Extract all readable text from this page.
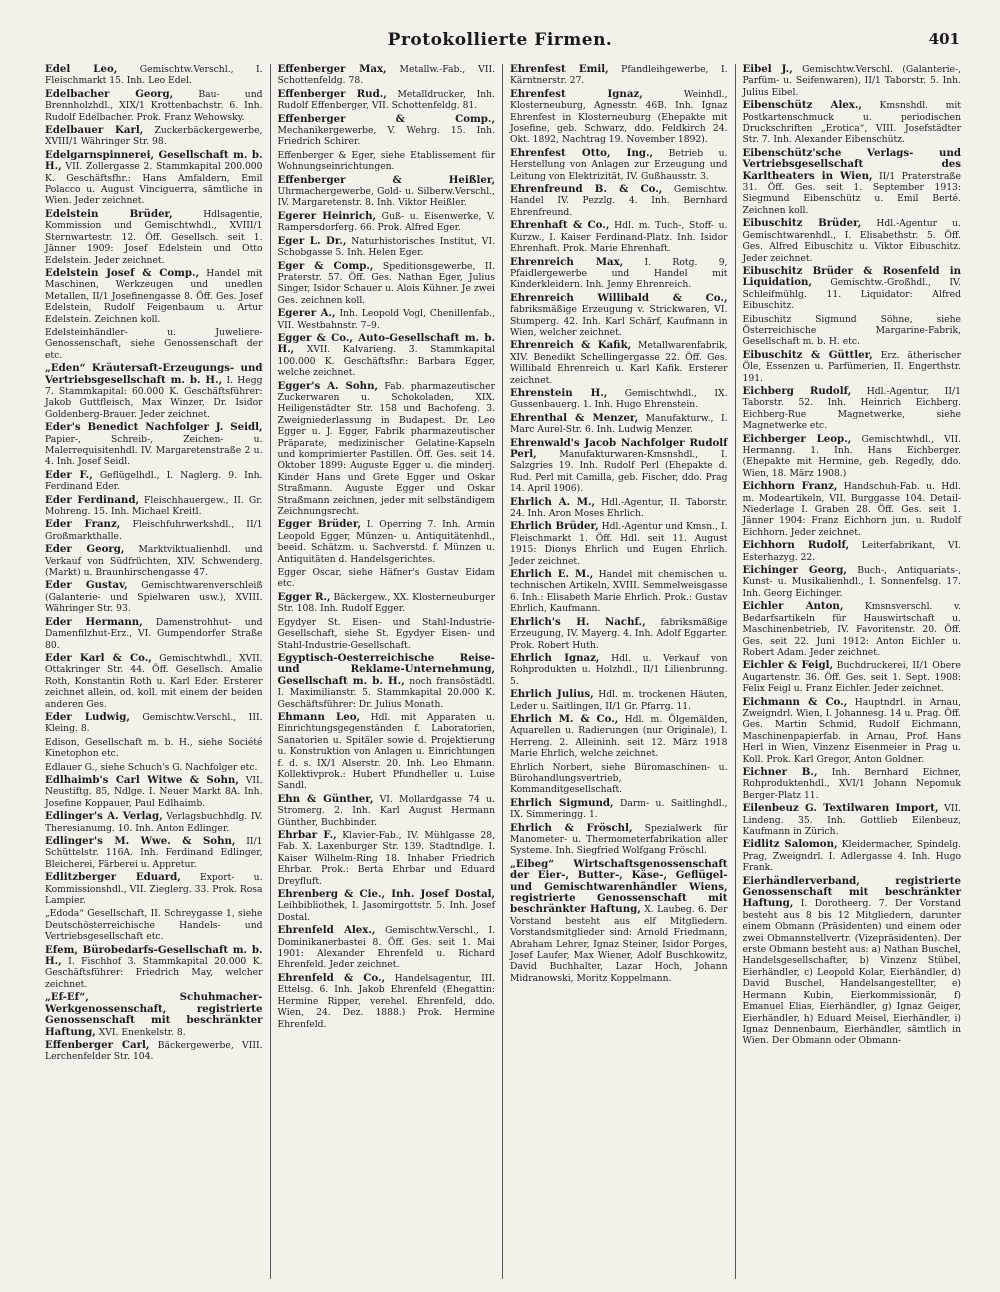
Protokollierte Firmen.	401

Edel Leo, Gemischtw.Verschl., I. Fleischmarkt 15. Inh. Leo Edel.

Edelbacher Georg, Bau- und Brennholzhdl., XIX/1 Krottenbachstr. 6. Inh. Rudolf Edelbacher. Prok. Franz Wehowsky.

Edelbauer Karl, Zuckerbäckergewerbe, XVIII/1 Währinger Str. 98.

Edelgarnspinnerei, Gesellschaft m. b. H., VII. Zollergasse 2. Stammkapital 200.000 K. Geschäftsfhr.: Hans Amfaldern, Emil Polacco u. August Vinciguerra, sämtliche in Wien. Jeder zeichnet.

Edelstein Brüder, Hdlsagentie, Kommission und Gemischtwhdl., XVIII/1 Sternwartestr. 12. Öff. Gesellsch. seit 1. Jänner 1909: Josef Edelstein und Otto Edelstein. Jeder zeichnet.

Edelstein Josef & Comp., Handel mit Maschinen, Werkzeugen und unedlen Metallen, II/1 Josefinengasse 8. Öff. Ges. Josef Edelstein, Rudolf Feigenbaum u. Artur Edelstein. Zeichnen koll.

Edelsteinhändler- u. Juweliere-Genossenschaft, siehe Genossenschaft der etc.

„Eden“ Kräutersaft-Erzeugungs- und Vertriebsgesellschaft m. b. H., I. Hegg 7. Stammkapital: 60.000 K. Geschäftsführer: Jakob Guttfleisch, Max Winzer, Dr. Isidor Goldenberg-Brauer. Jeder zeichnet.

Eder's Benedict Nachfolger J. Seidl, Papier-, Schreib-, Zeichen- u. Malerrequisitenhdl. IV. Margaretenstraße 2 u. 4. Inh. Josef Seidl.

Eder F., Geflügelhdl., I. Naglerg. 9. Inh. Ferdinand Eder.

Eder Ferdinand, Fleischhauergew., II. Gr. Mohreng. 15. Inh. Michael Kreitl.

Eder Franz, Fleischfuhrwerkshdl., II/1 Großmarkthalle.

Eder Georg, Marktviktualienhdl. und Verkauf von Südfrüchten, XIV. Schwenderg. (Markt) u. Braunhirschengasse 47.

Eder Gustav, Gemischtwarenverschleiß (Galanterie- und Spielwaren usw.), XVIII. Währinger Str. 93.

Eder Hermann, Damenstrohhut- und Damenfilzhut-Erz., VI. Gumpendorfer Straße 80.

Eder Karl & Co., Gemischtwhdl., XVII. Ottakringer Str. 44. Öff. Gesellsch. Amalie Roth, Konstantin Roth u. Karl Eder. Ersterer zeichnet allein, od. koll. mit einem der beiden anderen Ges.

Eder Ludwig, Gemischtw.Verschl., III. Kleing. 8.

Edison, Gesellschaft m. b. H., siehe Société Kinetophon etc.

Edlauer G., siehe Schuch's G. Nachfolger etc.

Edlhaimb's Carl Witwe & Sohn, VII. Neustiftg. 85, Ndlge. I. Neuer Markt 8A. Inh. Josefine Koppauer, Paul Edlhaimb.

Edlinger's A. Verlag, Verlagsbuchhdlg. IV. Theresianumg. 10. Inh. Anton Edlinger.

Edlinger's M. Wwe. & Sohn, II/1 Schüttelstr. 116A. Inh. Ferdinand Edlinger, Bleicherei, Färberei u. Appretur.

Edlitzberger Eduard, Export- u. Kommissionshdl., VII. Zieglerg. 33. Prok. Rosa Lampier.

„Edoda“ Gesellschaft, II. Schreygasse 1, siehe Deutschösterreichische Handels- und Vertriebsgesellschaft etc.

Efem, Bürobedarfs-Gesellschaft m. b. H., I. Fischhof 3. Stammkapital 20.000 K. Geschäftsführer: Friedrich May, welcher zeichnet.

„Ef-Ef“, Schuhmacher-Werkgenossenschaft, registrierte Genossenschaft mit beschränkter Haftung, XVI. Enenkelstr. 8.

Effenberger Carl, Bäckergewerbe, VIII. Lerchenfelder Str. 104.

Effenberger Max, Metallw.-Fab., VII. Schottenfeldg. 78.

Effenberger Rud., Metalldrucker, Inh. Rudolf Effenberger, VII. Schottenfeldg. 81.

Effenberger & Comp., Mechanikergewerbe, V. Wehrg. 15. Inh. Friedrich Schirer.

Effenberger & Eger, siehe Etablissement für Wohnungseinrichtungen.

Effenberger & Heißler, Uhrmachergewerbe, Gold- u. Silberw.Verschl., IV. Margaretenstr. 8. Inh. Viktor Heißler.

Egerer Heinrich, Guß- u. Eisenwerke, V. Rampersdorferg. 66. Prok. Alfred Eger.

Eger L. Dr., Naturhistorisches Institut, VI. Schobgasse 5. Inh. Helen Eger.

Eger & Comp., Speditionsgewerbe, II. Praterstr. 57. Öff. Ges. Nathan Eger, Julius Singer, Isidor Schauer u. Alois Kühner. Je zwei Ges. zeichnen koll.

Egerer A., Inh. Leopold Vogl, Chenillenfab., VII. Westbahnstr. 7–9.

Egger & Co., Auto-Gesellschaft m. b. H., XVII. Kalvarieng. 3. Stammkapital 100.000 K. Geschäftsfhr.: Barbara Egger, welche zeichnet.

Egger's A. Sohn, Fab. pharmazeutischer Zuckerwaren u. Schokoladen, XIX. Heiligenstädter Str. 158 und Bachofeng. 3. Zweigniederlassung in Budapest. Dr. Leo Egger u. J. Egger, Fabrik pharmazeutischer Präparate, medizinischer Gelatine-Kapseln und komprimierter Pastillen. Öff. Ges. seit 14. Oktober 1899: Auguste Egger u. die minderj. Kinder Hans und Grete Egger und Oskar Straßmann. Auguste Egger und Oskar Straßmann zeichnen, jeder mit selbständigem Zeichnungsrecht.

Egger Brüder, I. Operring 7. Inh. Armin Leopold Egger, Münzen- u. Antiquitätenhdl., beeid. Schätzm. u. Sachverstd. f. Münzen u. Antiquitäten d. Handelsgerichtes.

Egger Oscar, siehe Häfner's Gustav Eidam etc.

Egger R., Bäckergew., XX. Klosterneuburger Str. 108. Inh. Rudolf Egger.

Egydyer St. Eisen- und Stahl-Industrie-Gesellschaft, siehe St. Egydyer Eisen- und Stahl-Industrie-Gesellschaft.

Egyptisch-Oesterreichische Reise- und Reklame-Unternehmung, Gesellschaft m. b. H., noch fransöstädtl. I. Maximilianstr. 5. Stammkapital 20.000 K. Geschäftsführer: Dr. Julius Monath.

Ehmann Leo, Hdl. mit Apparaten u. Einrichtungsgegenständen f. Laboratorien, Sanatorien u. Spitäler sowie d. Projektierung u. Konstruktion von Anlagen u. Einrichtungen f. d. s. IX/1 Alserstr. 20. Inh. Leo Ehmann. Kollektivprok.: Hubert Pfundheller u. Luise Sandl.

Ehn & Günther, VI. Mollardgasse 74 u. Stromerg. 2. Inh. Karl August Hermann Günther, Buchbinder.

Ehrbar F., Klavier-Fab., IV. Mühlgasse 28, Fab. X. Laxenburger Str. 139. Stadtndlge. I. Kaiser Wilhelm-Ring 18. Inhaber Friedrich Ehrbar. Prok.: Berta Ehrbar und Eduard Dreyfluft.

Ehrenberg & Cie., Inh. Josef Dostal, Leihbibliothek, I. Jasomirgottstr. 5. Inh. Josef Dostal.

Ehrenfeld Alex., Gemischtw.Verschl., I. Dominikanerbastei 8. Öff. Ges. seit 1. Mai 1901: Alexander Ehrenfeld u. Richard Ehrenfeld. Jeder zeichnet.

Ehrenfeld & Co., Handelsagentur, III. Ettelsg. 6. Inh. Jakob Ehrenfeld (Ehegattin: Hermine Ripper, verehel. Ehrenfeld, ddo. Wien, 24. Dez. 1888.) Prok. Hermine Ehrenfeld.

Ehrenfest Emil, Pfandleihgewerbe, I. Kärntnerstr. 27.

Ehrenfest Ignaz, Weinhdl., Klosterneuburg, Agnesstr. 46B. Inh. Ignaz Ehrenfest in Klosterneuburg (Ehepakte mit Josefine, geb. Schwarz, ddo. Feldkirch 24. Okt. 1892, Nachtrag 19. November 1892).

Ehrenfest Otto, Ing., Betrieb u. Herstellung von Anlagen zur Erzeugung und Leitung von Elektrizität, IV. Gußhausstr. 3.

Ehrenfreund B. & Co., Gemischtw. Handel IV. Pezzlg. 4. Inh. Bernhard Ehrenfreund.

Ehrenhaft & Co., Hdl. m. Tuch-, Stoff- u. Kurzw., I. Kaiser Ferdinand-Platz. Inh. Isidor Ehrenhaft. Prok. Marie Ehrenhaft.

Ehrenreich Max, I. Rotg. 9, Pfaidlergewerbe und Handel mit Kinderkleidern. Inh. Jenny Ehrenreich.

Ehrenreich Willibald & Co., fabriksmäßige Erzeugung v. Strickwaren, VI. Stumperg. 42. Inh. Karl Schärf, Kaufmann in Wien, welcher zeichnet.

Ehrenreich & Kafik, Metallwarenfabrik, XIV. Benedikt Schellingergasse 22. Öff. Ges. Willibald Ehrenreich u. Karl Kafik. Ersterer zeichnet.

Ehrenstein H., Gemischtwhdl., IX. Gussenbauerg. 1. Inh. Hugo Ehrenstein.

Ehrenthal & Menzer, Manufakturw., I. Marc Aurel-Str. 6. Inh. Ludwig Menzer.

Ehrenwald's Jacob Nachfolger Rudolf Perl, Manufakturwaren-Kmsnshdl., I. Salzgries 19. Inh. Rudolf Perl (Ehepakte d. Rud. Perl mit Camilla, geb. Fischer, ddo. Prag 14. April 1906).

Ehrlich A. M., Hdl.-Agentur, II. Taborstr. 24. Inh. Aron Moses Ehrlich.

Ehrlich Brüder, Hdl.-Agentur und Kmsn., I. Fleischmarkt 1. Öff. Hdl. seit 11. August 1915: Dionys Ehrlich und Eugen Ehrlich. Jeder zeichnet.

Ehrlich E. M., Handel mit chemischen u. technischen Artikeln, XVIII. Semmelweisgasse 6. Inh.: Elisabeth Marie Ehrlich. Prok.: Gustav Ehrlich, Kaufmann.

Ehrlich's H. Nachf., fabriksmäßige Erzeugung, IV. Mayerg. 4. Inh. Adolf Eggarter. Prok. Robert Huth.

Ehrlich Ignaz, Hdl. u. Verkauf von Rohprodukten u. Holzhdl., II/1 Lilienbrunng. 5.

Ehrlich Julius, Hdl. m. trockenen Häuten, Leder u. Saitlingen, II/1 Gr. Pfarrg. 11.

Ehrlich M. & Co., Hdl. m. Ölgemälden, Aquarellen u. Radierungen (nur Originale), I. Herreng. 2. Alleininh. seit 12. März 1918 Marie Ehrlich, welche zeichnet.

Ehrlich Norbert, siehe Büromaschinen- u. Bürohandlungsvertrieb, Kommanditgesellschaft.

Ehrlich Sigmund, Darm- u. Saitlinghdl., IX. Simmeringg. 1.

Ehrlich & Fröschl, Spezialwerk für Manometer- u. Thermometerfabrikation aller Systeme. Inh. Siegfried Wolfgang Fröschl.

„Eibeg“ Wirtschaftsgenossenschaft der Eier-, Butter-, Käse-, Geflügel- und Gemischtwarenhändler Wiens, registrierte Genossenschaft mit beschränkter Haftung, X. Laubeg. 6. Der Vorstand besteht aus elf Mitgliedern. Vorstandsmitglieder sind: Arnold Friedmann, Abraham Lehrer, Ignaz Steiner, Isidor Porges, Josef Laufer, Max Wiener, Adolf Buschkowitz, David Buchhalter, Lazar Hoch, Johann Midranowski, Moritz Koppelmann.

Eibel J., Gemischtw.Verschl. (Galanterie-, Parfüm- u. Seifenwaren), II/1 Taborstr. 5. Inh. Julius Eibel.

Eibenschütz Alex., Kmsnshdl. mit Postkartenschmuck u. periodischen Druckschriften „Erotica“, VIII. Josefstädter Str. 7. Inh. Alexander Eibenschütz.

Eibenschütz'sche Verlags- und Vertriebsgesellschaft des Karltheaters in Wien, II/1 Praterstraße 31. Öff. Ges. seit 1. September 1913: Siegmund Eibenschütz u. Emil Berté. Zeichnen koll.

Eibuschitz Brüder, Hdl.-Agentur u. Gemischtwarenhdl., I. Elisabethstr. 5. Öff. Ges. Alfred Eibuschitz u. Viktor Eibuschitz. Jeder zeichnet.

Eibuschitz Brüder & Rosenfeld in Liquidation, Gemischtw.-Großhdl., IV. Schleifmühlg. 11. Liquidator: Alfred Eibuschitz.

Eibuschitz Sigmund Söhne, siehe Österreichische Margarine-Fabrik, Gesellschaft m. b. H. etc.

Eibuschitz & Güttler, Erz. ätherischer Öle, Essenzen u. Parfümerien, II. Engerthstr. 191.

Eichberg Rudolf, Hdl.-Agentur, II/1 Taborstr. 52. Inh. Heinrich Eichberg. Eichberg-Rue Magnetwerke, siehe Magnetwerke etc.

Eichberger Leop., Gemischtwhdl., VII. Hermanng. 1. Inh. Hans Eichberger. (Ehepakte mit Hermine, geb. Regedly, ddo. Wien, 18. März 1908.)

Eichhorn Franz, Handschuh-Fab. u. Hdl. m. Modeartikeln, VII. Burggasse 104. Detail-Niederlage I. Graben 28. Öff. Ges. seit 1. Jänner 1904: Franz Eichhorn jun. u. Rudolf Eichhorn. Jeder zeichnet.

Eichhorn Rudolf, Leiterfabrikant, VI. Esterhazyg. 22.

Eichinger Georg, Buch-, Antiquariats-, Kunst- u. Musikalienhdl., I. Sonnenfelsg. 17. Inh. Georg Eichinger.

Eichler Anton, Kmsnsverschl. v. Bedarfsartikeln für Hauswirtschaft u. Maschinenbetrieb, IV. Favoritenstr. 20. Öff. Ges. seit 22. Juni 1912: Anton Eichler u. Robert Adam. Jeder zeichnet.

Eichler & Feigl, Buchdruckerei, II/1 Obere Augartenstr. 36. Öff. Ges. seit 1. Sept. 1908: Felix Feigl u. Franz Eichler. Jeder zeichnet.

Eichmann & Co., Hauptndrl. in Arnau, Zweigndrl. Wien, I. Johannesg. 14 u. Prag. Öff. Ges. Martin Schmid, Rudolf Eichmann, Maschinenpapierfab. in Arnau, Prof. Hans Herl in Wien, Vinzenz Eisenmeier in Prag u. Koll. Prok. Karl Gregor, Anton Goldner.

Eichner B., Inh. Bernhard Eichner, Rohproduktenhdl., XVI/1 Johann Nepomuk Berger-Platz 11.

Eilenbeuz G. Textilwaren Import, VII. Lindeng. 35. Inh. Gottlieb Eilenbeuz, Kaufmann in Zürich.

Eidlitz Salomon, Kleidermacher, Spindelg. Prag, Zweigndrl. I. Adlergasse 4. Inh. Hugo Frank.

Eierhändlerverband, registrierte Genossenschaft mit beschränkter Haftung, I. Dorotheerg. 7. Der Vorstand besteht aus 8 bis 12 Mitgliedern, darunter einem Obmann (Präsidenten) und einem oder zwei Obmannstellvertr. (Vizepräsidenten). Der erste Obmann besteht aus: a) Nathan Buschel, Handelsgesellschafter, b) Vinzenz Stübel, Eierhändler, c) Leopold Kolar, Eierhändler, d) David Buschel, Handelsangestellter, e) Hermann Kubin, Eierkommissionär, f) Emanuel Elias, Eierhändler, g) Ignaz Geiger, Eierhändler, h) Eduard Meisel, Eierhändler, i) Ignaz Dennenbaum, Eierhändler, sämtlich in Wien. Der Obmann oder Obmann-
